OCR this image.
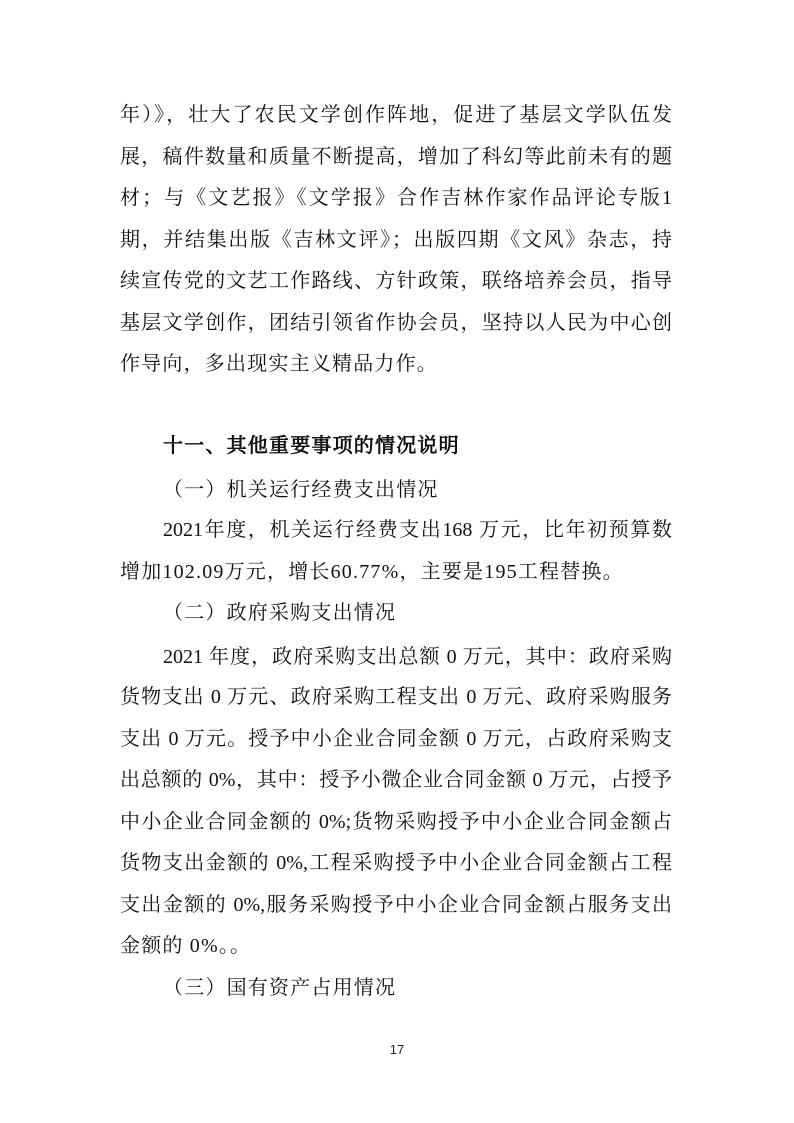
年）》，壮大了农民文学创作阵地，促进了基层文学队伍发
展，稿件数量和质量不断提高，增加了科幻等此前未有的题
材；与《文艺报》《文学报》合作吉林作家作品评论专版1
期，并结集出版《吉林文评》；出版四期《文风》杂志，持
续宣传党的文艺工作路线、方针政策，联络培养会员，指导
基层文学创作，团结引领省作协会员，坚持以人民为中心创
作导向，多出现实主义精品力作。
十一、其他重要事项的情况说明
（一）机关运行经费支出情况
2021年度，机关运行经费支出168 万元，比年初预算数
增加102.09万元，增长60.77%，主要是195工程替换。
（二）政府采购支出情况
2021 年度，政府采购支出总额 0 万元，其中：政府采购
货物支出 0 万元、政府采购工程支出 0 万元、政府采购服务
支出 0 万元。授予中小企业合同金额 0 万元，占政府采购支
出总额的 0%，其中：授予小微企业合同金额 0 万元，占授予
中小企业合同金额的 0%;货物采购授予中小企业合同金额占
货物支出金额的 0%,工程采购授予中小企业合同金额占工程
支出金额的 0%,服务采购授予中小企业合同金额占服务支出
金额的 0%。。
（三）国有资产占用情况
17
